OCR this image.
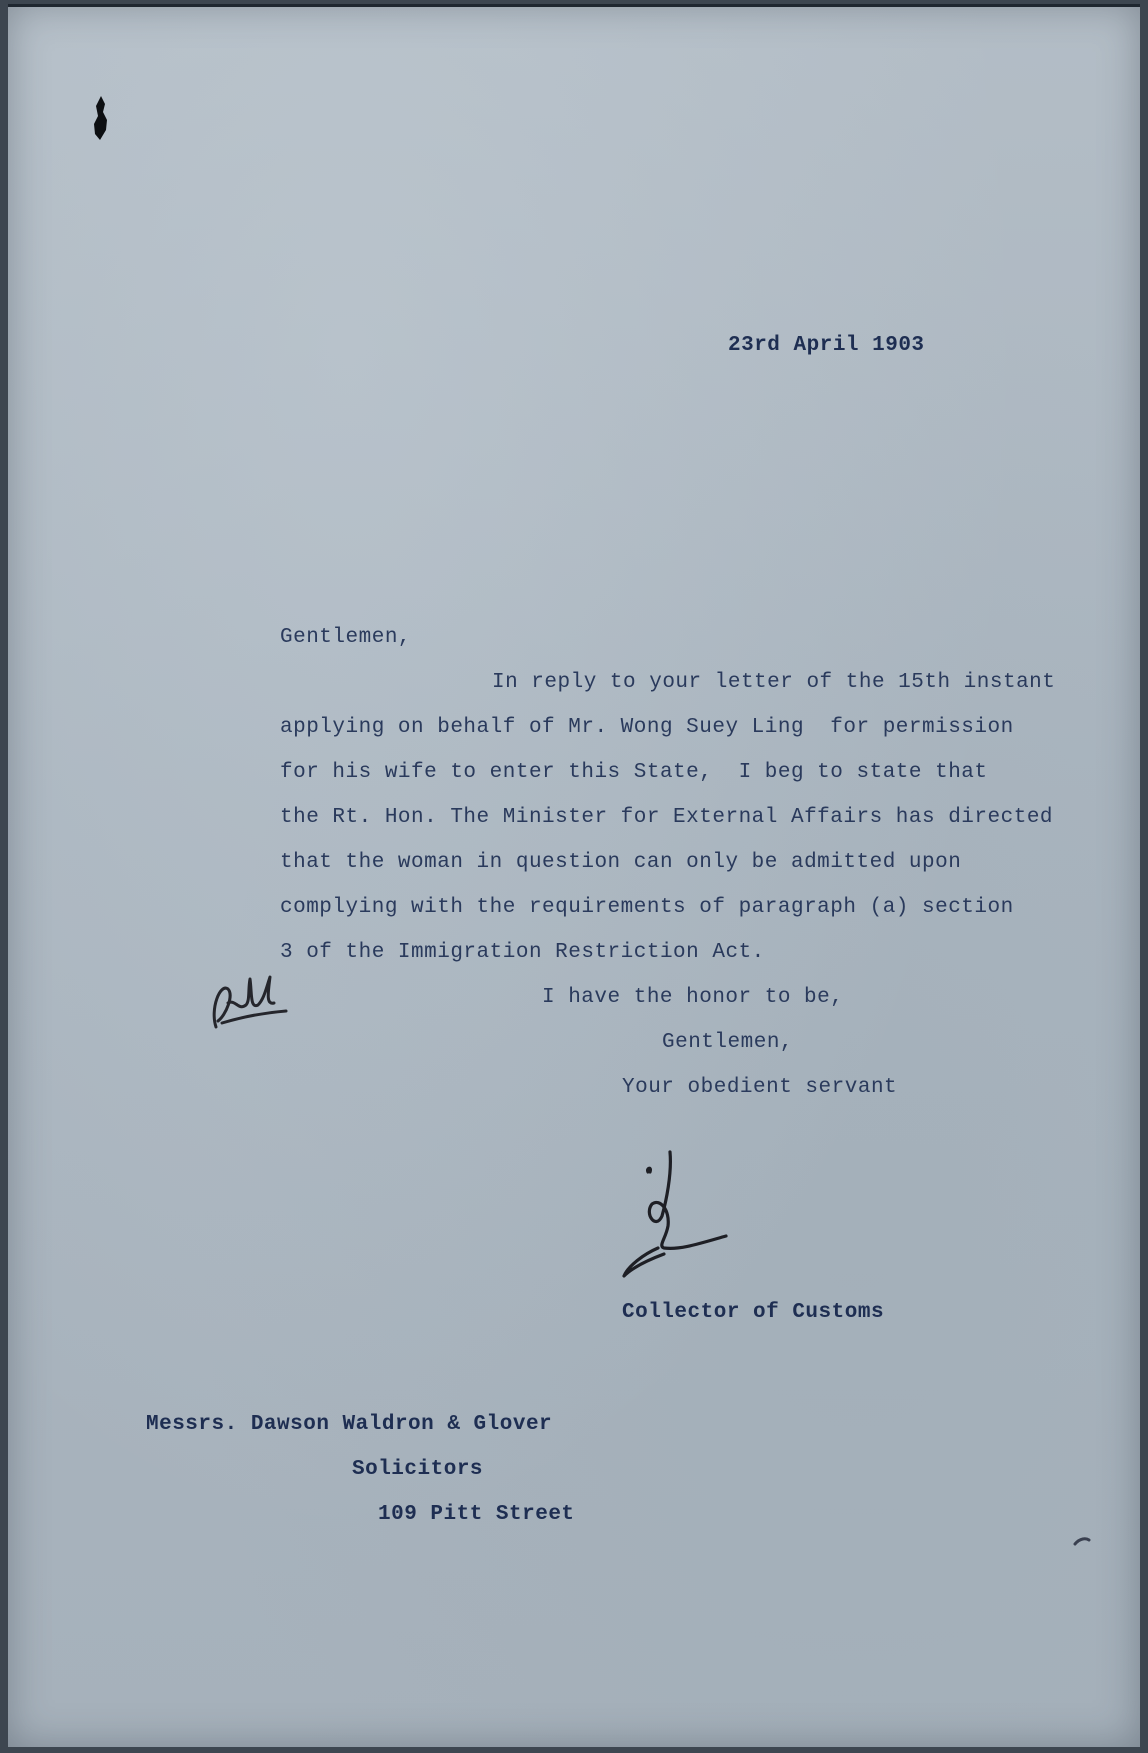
23rd April 1903

Gentlemen,

In reply to your letter of the 15th instant

applying on behalf of Mr. Wong Suey Ling  for permission

for his wife to enter this State,  I beg to state that

the Rt. Hon. The Minister for External Affairs has directed

that the woman in question can only be admitted upon

complying with the requirements of paragraph (a) section

3 of the Immigration Restriction Act.

I have the honor to be,

Gentlemen,

Your obedient servant

Collector of Customs

Messrs. Dawson Waldron & Glover

Solicitors

109 Pitt Street
